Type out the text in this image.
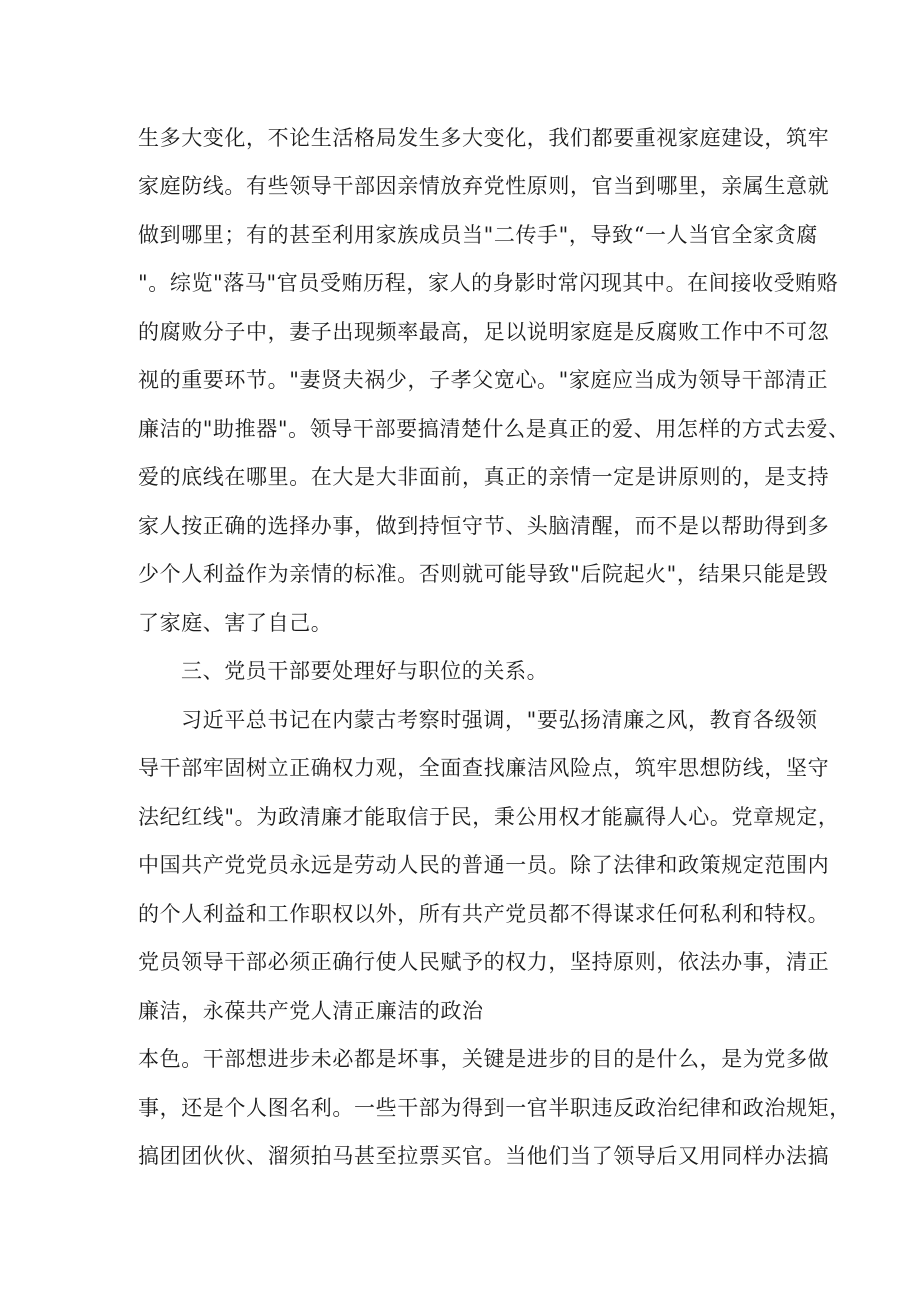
生多大变化，不论生活格局发生多大变化，我们都要重视家庭建设，筑牢
家庭防线。有些领导干部因亲情放弃党性原则，官当到哪里，亲属生意就
做到哪里；有的甚至利用家族成员当"二传手"，导致“一人当官全家贪腐
"。综览"落马"官员受贿历程，家人的身影时常闪现其中。在间接收受贿赂
的腐败分子中，妻子出现频率最高，足以说明家庭是反腐败工作中不可忽
视的重要环节。"妻贤夫祸少，子孝父宽心。"家庭应当成为领导干部清正
廉洁的"助推器"。领导干部要搞清楚什么是真正的爱、用怎样的方式去爱、
爱的底线在哪里。在大是大非面前，真正的亲情一定是讲原则的，是支持
家人按正确的选择办事，做到持恒守节、头脑清醒，而不是以帮助得到多
少个人利益作为亲情的标准。否则就可能导致"后院起火"，结果只能是毁
了家庭、害了自己。
三、党员干部要处理好与职位的关系。
习近平总书记在内蒙古考察时强调，"要弘扬清廉之风，教育各级领
导干部牢固树立正确权力观，全面查找廉洁风险点，筑牢思想防线，坚守
法纪红线"。为政清廉才能取信于民，秉公用权才能赢得人心。党章规定，
中国共产党党员永远是劳动人民的普通一员。除了法律和政策规定范围内
的个人利益和工作职权以外，所有共产党员都不得谋求任何私利和特权。
党员领导干部必须正确行使人民赋予的权力，坚持原则，依法办事，清正
廉洁，永葆共产党人清正廉洁的政治
本色。干部想进步未必都是坏事，关键是进步的目的是什么，是为党多做
事，还是个人图名利。一些干部为得到一官半职违反政治纪律和政治规矩，
搞团团伙伙、溜须拍马甚至拉票买官。当他们当了领导后又用同样办法搞
